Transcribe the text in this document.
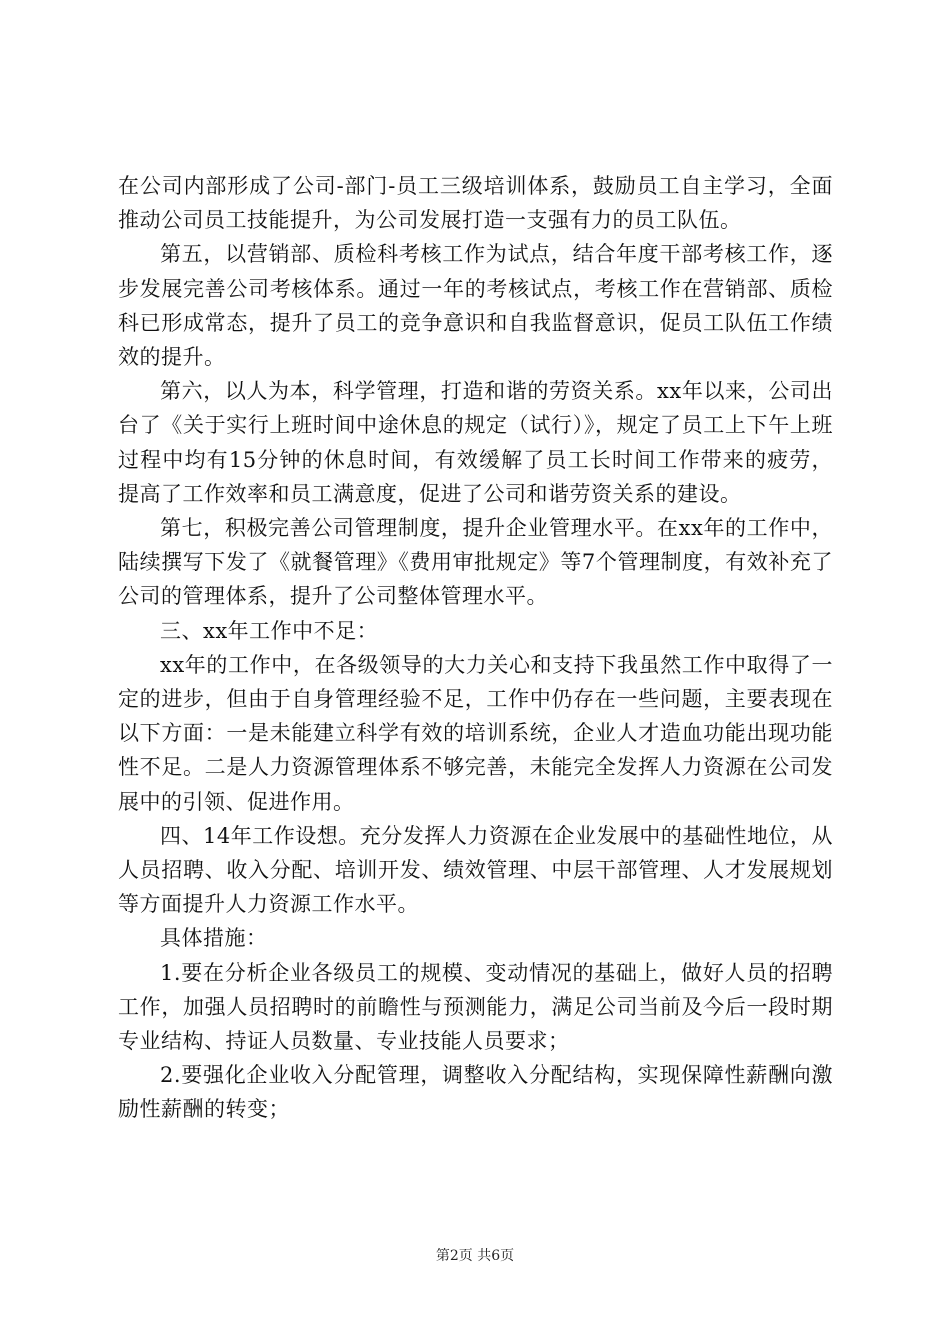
在公司内部形成了公司-部门-员工三级培训体系，鼓励员工自主学习，全面推动公司员工技能提升，为公司发展打造一支强有力的员工队伍。

第五，以营销部、质检科考核工作为试点，结合年度干部考核工作，逐步发展完善公司考核体系。通过一年的考核试点，考核工作在营销部、质检科已形成常态，提升了员工的竞争意识和自我监督意识，促员工队伍工作绩效的提升。

第六，以人为本，科学管理，打造和谐的劳资关系。xx年以来，公司出台了《关于实行上班时间中途休息的规定（试行）》，规定了员工上下午上班过程中均有15分钟的休息时间，有效缓解了员工长时间工作带来的疲劳，提高了工作效率和员工满意度，促进了公司和谐劳资关系的建设。

第七，积极完善公司管理制度，提升企业管理水平。在xx年的工作中，陆续撰写下发了《就餐管理》《费用审批规定》等7个管理制度，有效补充了公司的管理体系，提升了公司整体管理水平。

三、xx年工作中不足：

xx年的工作中，在各级领导的大力关心和支持下我虽然工作中取得了一定的进步，但由于自身管理经验不足，工作中仍存在一些问题，主要表现在以下方面：一是未能建立科学有效的培训系统，企业人才造血功能出现功能性不足。二是人力资源管理体系不够完善，未能完全发挥人力资源在公司发展中的引领、促进作用。

四、14年工作设想。充分发挥人力资源在企业发展中的基础性地位，从人员招聘、收入分配、培训开发、绩效管理、中层干部管理、人才发展规划等方面提升人力资源工作水平。

具体措施：

1.要在分析企业各级员工的规模、变动情况的基础上，做好人员的招聘工作，加强人员招聘时的前瞻性与预测能力，满足公司当前及今后一段时期专业结构、持证人员数量、专业技能人员要求；

2.要强化企业收入分配管理，调整收入分配结构，实现保障性薪酬向激励性薪酬的转变；

第2页 共6页
